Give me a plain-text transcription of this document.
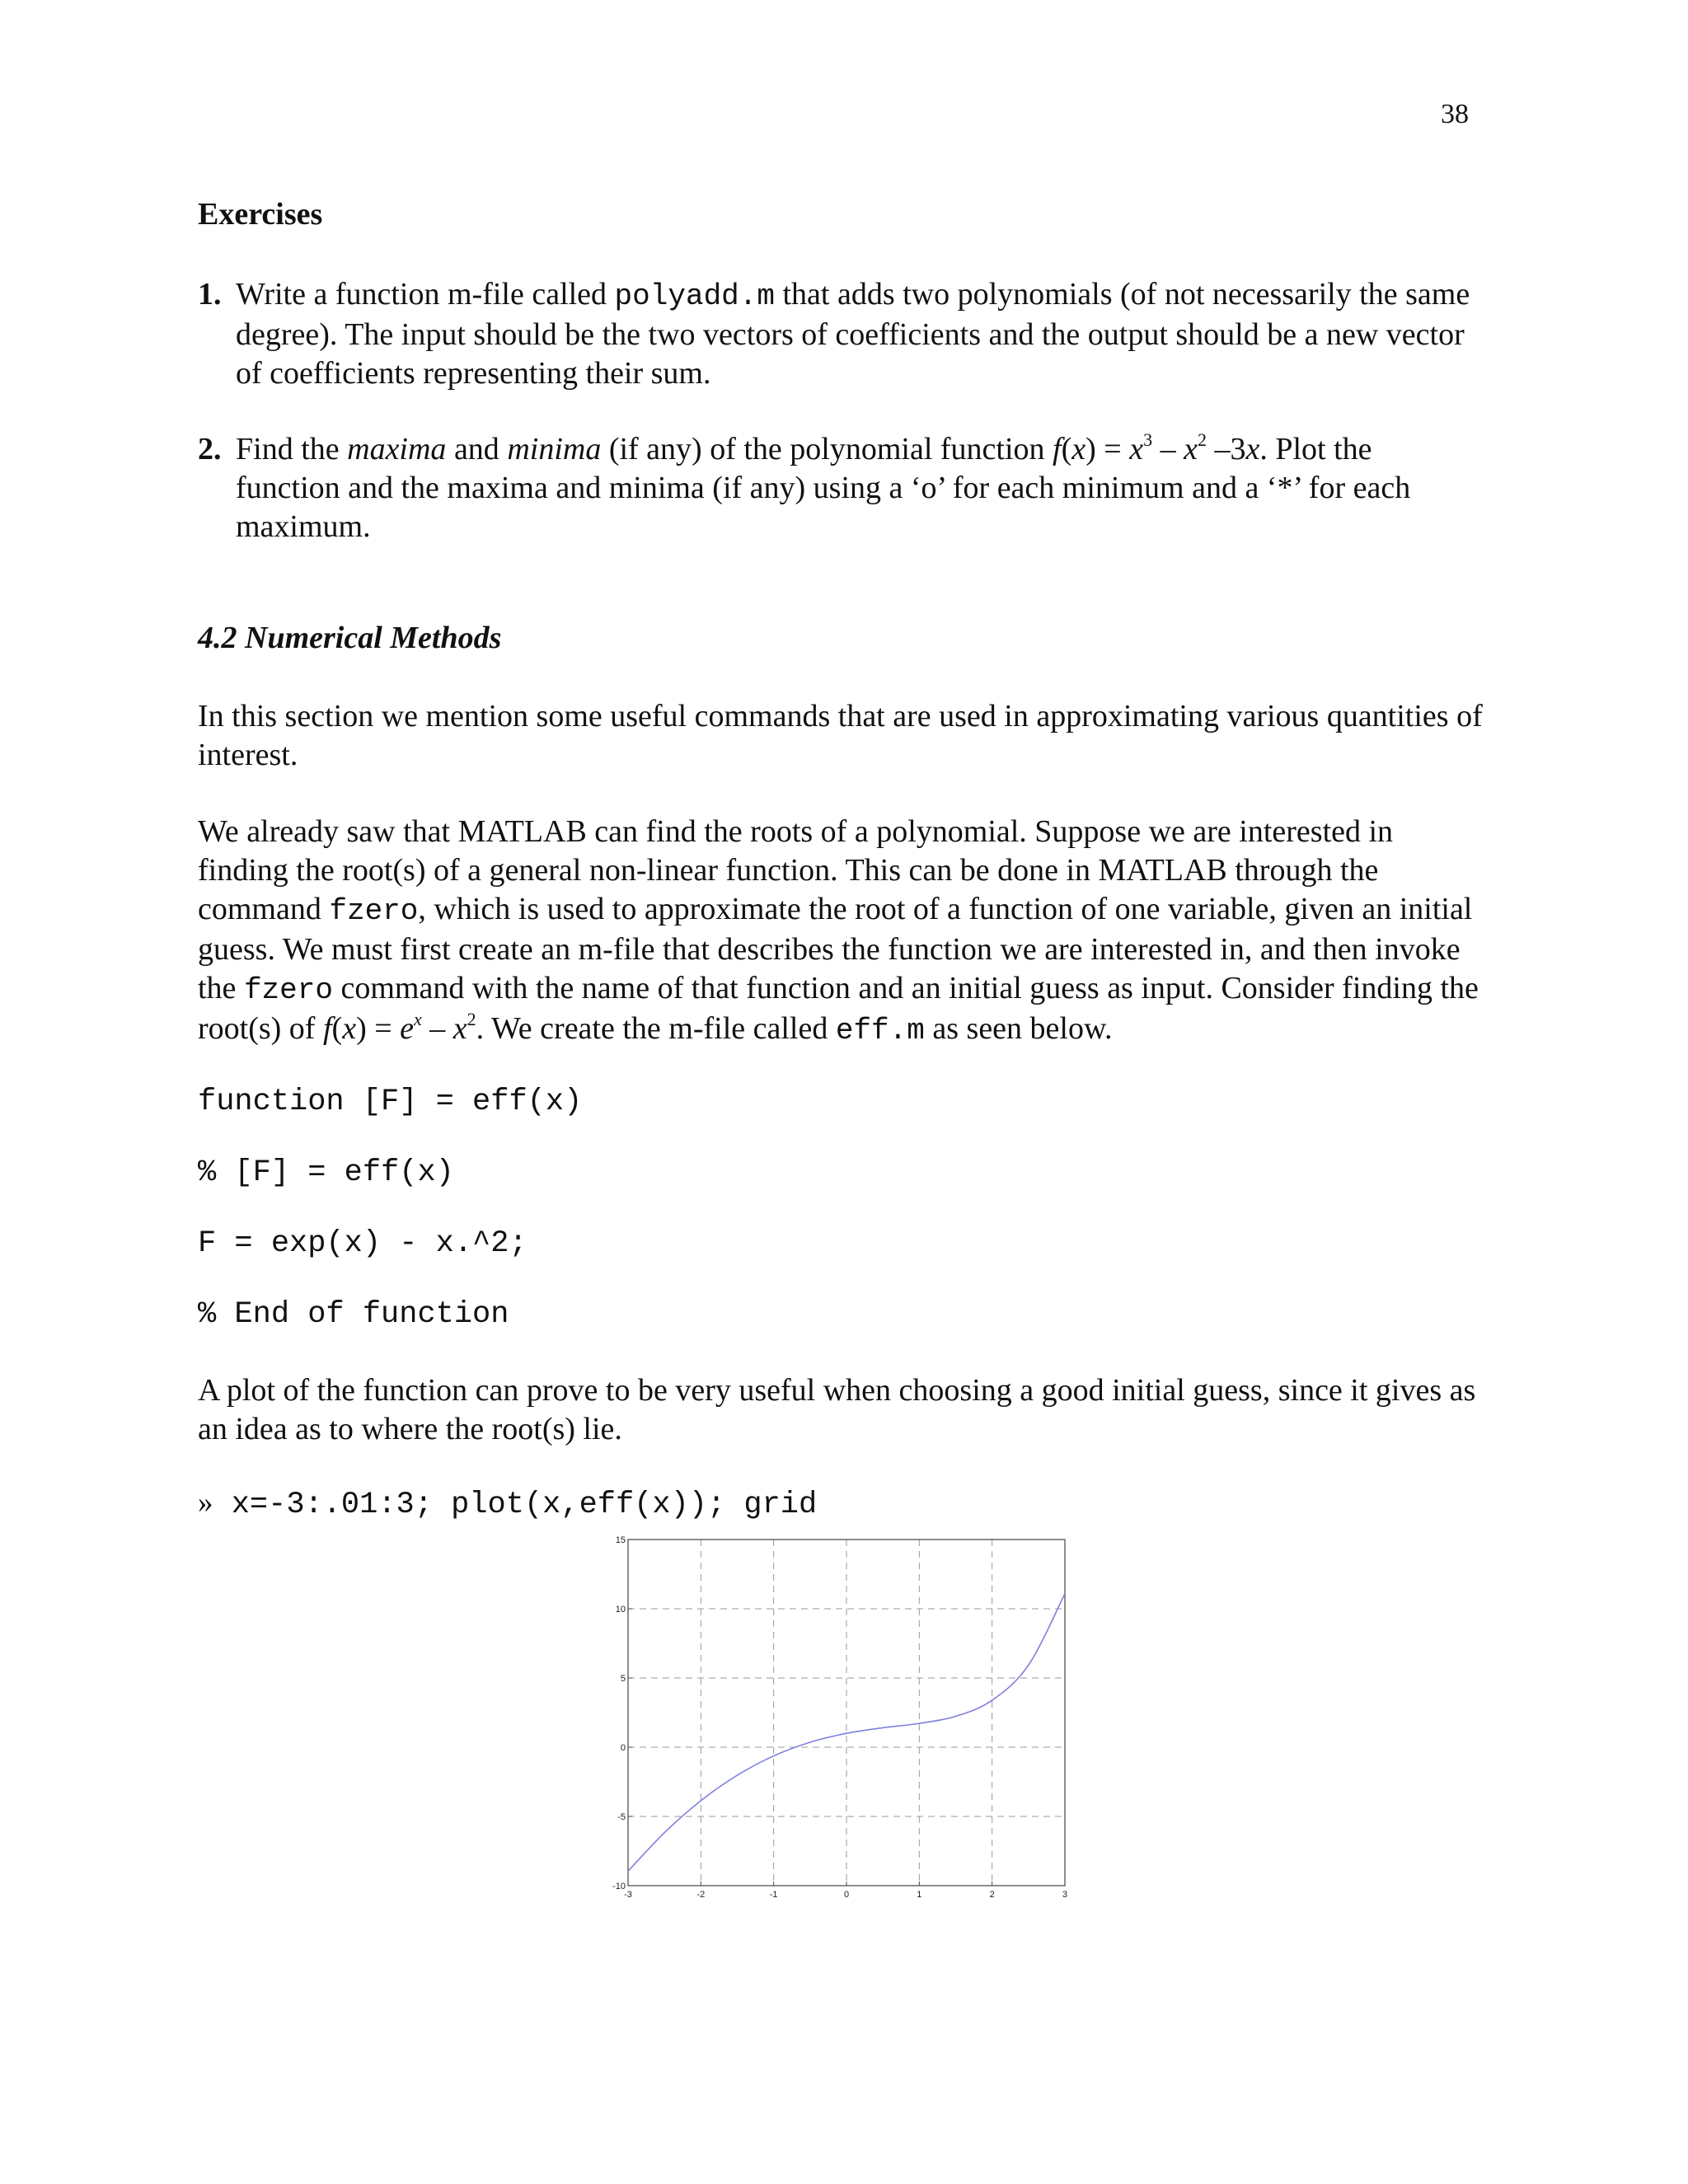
38
Exercises
1. Write a function m-file called polyadd.m that adds two polynomials (of not necessarily the same degree). The input should be the two vectors of coefficients and the output should be a new vector of coefficients representing their sum.
2. Find the maxima and minima (if any) of the polynomial function $f(x) = x^3 - x^2$ –3x. Plot the function and the maxima and minima (if any) using a ‘o’ for each minimum and a ‘*’ for each maximum.
4.2 Numerical Methods
In this section we mention some useful commands that are used in approximating various quantities of interest.
We already saw that MATLAB can find the roots of a polynomial. Suppose we are interested in finding the root(s) of a general non-linear function. This can be done in MATLAB through the command fzero, which is used to approximate the root of a function of one variable, given an initial guess. We must first create an m-file that describes the function we are interested in, and then invoke the fzero command with the name of that function and an initial guess as input. Consider finding the root(s) of $f(x) = e^x - x^2$. We create the m-file called eff.m as seen below.
function [F] = eff(x)
% [F] = eff(x)
F = exp(x) - x.^2;
% End of function
A plot of the function can prove to be very useful when choosing a good initial guess, since it gives as an idea as to where the root(s) lie.
» x=-3:.01:3; plot(x,eff(x)); grid
-3	-2	-1	0	1	2	3
15
10
5
0
-5
-10
